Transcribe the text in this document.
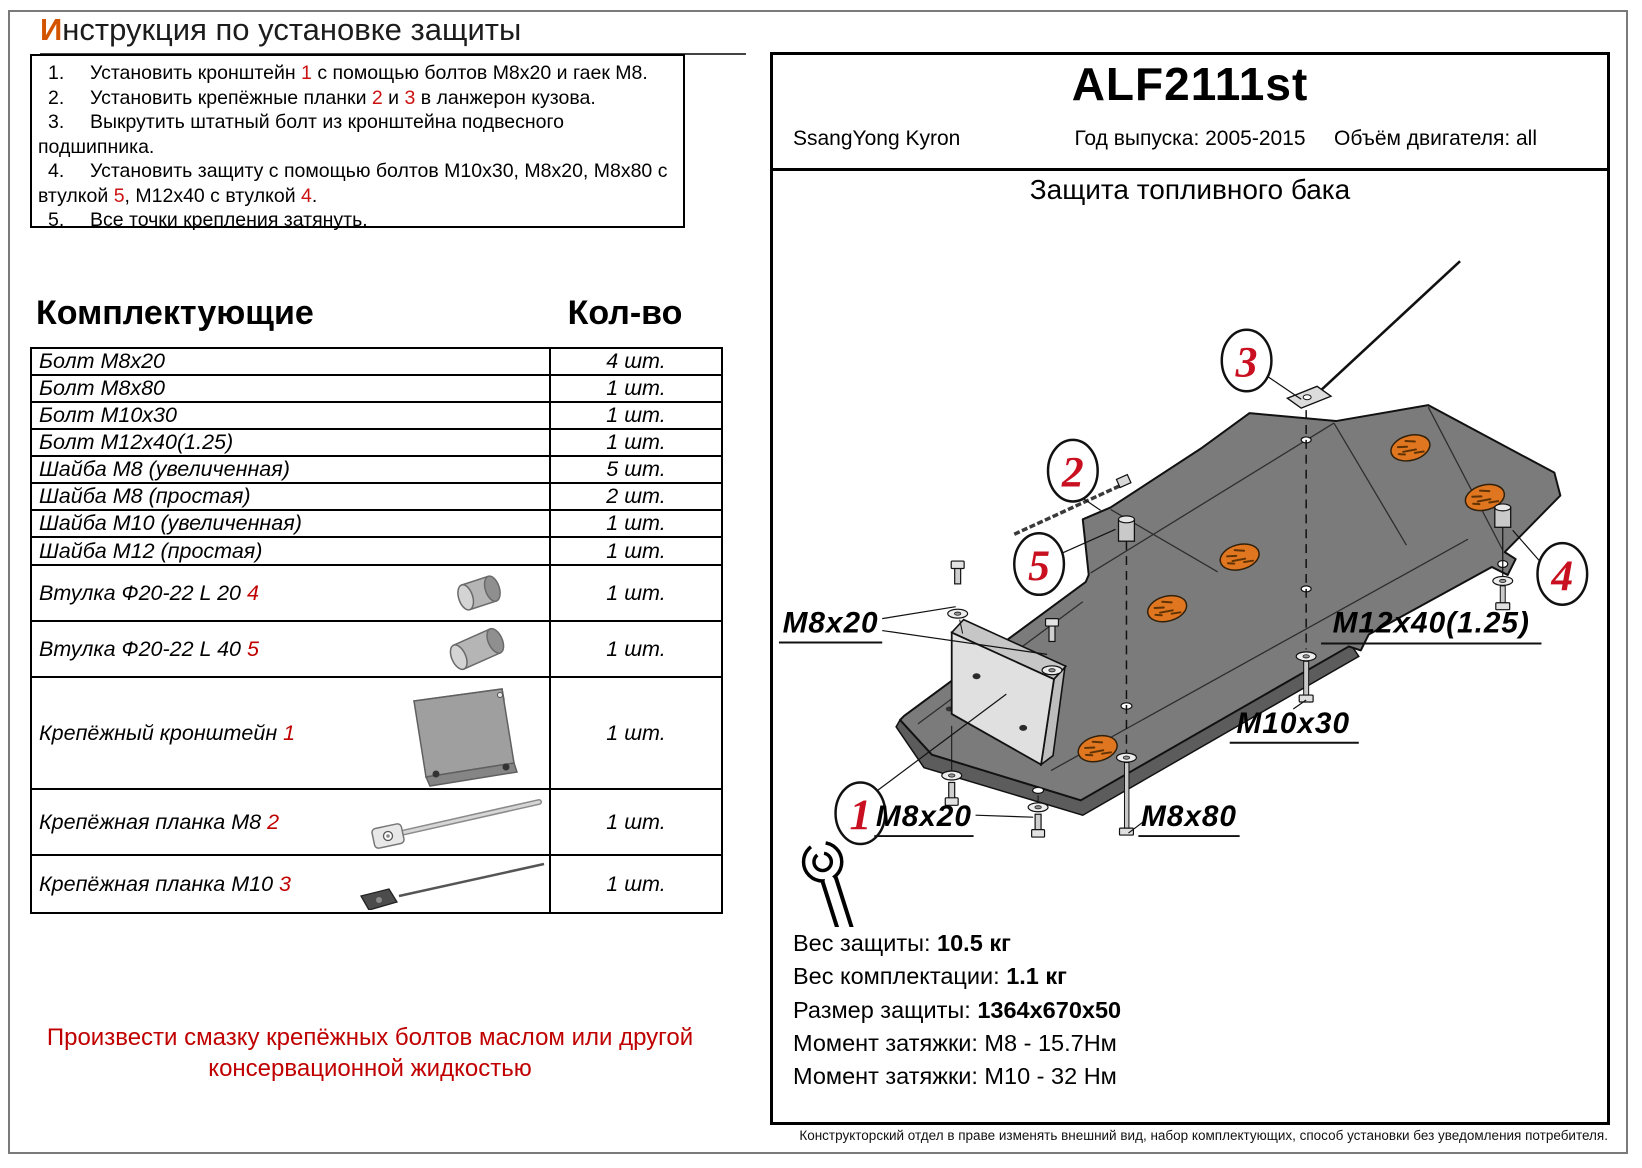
Инструкция по установке защиты
1. Установить кронштейн 1 с помощью болтов М8х20 и гаек М8.
2. Установить крепёжные планки 2 и 3 в ланжерон кузова.
3. Выкрутить штатный болт из кронштейна подвесного подшипника.
4. Установить защиту с помощью болтов М10х30, М8х20, М8х80 с втулкой 5, М12х40 с втулкой 4.
5. Все точки крепления затянуть.
Комплектующие	Кол-во
Болт М8х20	4 шт.
Болт М8х80	1 шт.
Болт М10х30	1 шт.
Болт М12х40(1.25)	1 шт.
Шайба М8 (увеличенная)	5 шт.
Шайба М8 (простая)	2 шт.
Шайба М10 (увеличенная)	1 шт.
Шайба М12 (простая)	1 шт.
Втулка Ф20-22 L 20 4	1 шт.
Втулка Ф20-22 L 40 5	1 шт.
Крепёжный кронштейн 1	1 шт.
Крепёжная планка М8 2	1 шт.
Крепёжная планка М10 3	1 шт.
Произвести смазку крепёжных болтов маслом или другой консервационной жидкостью
ALF2111st
SsangYong Kyron	Год выпуска: 2005-2015	Объём двигателя: all
Защита топливного бака
1
2
3
4
5
М8х20	М12х40(1.25)
М10х30
М8х20	М8х80
Вес защиты: 10.5 кг
Вес комплектации: 1.1 кг
Размер защиты: 1364х670х50
Момент затяжки: М8 - 15.7Нм
Момент затяжки: М10 - 32 Нм
Конструкторский отдел в праве изменять внешний вид, набор комплектующих, способ установки без уведомления потребителя.
